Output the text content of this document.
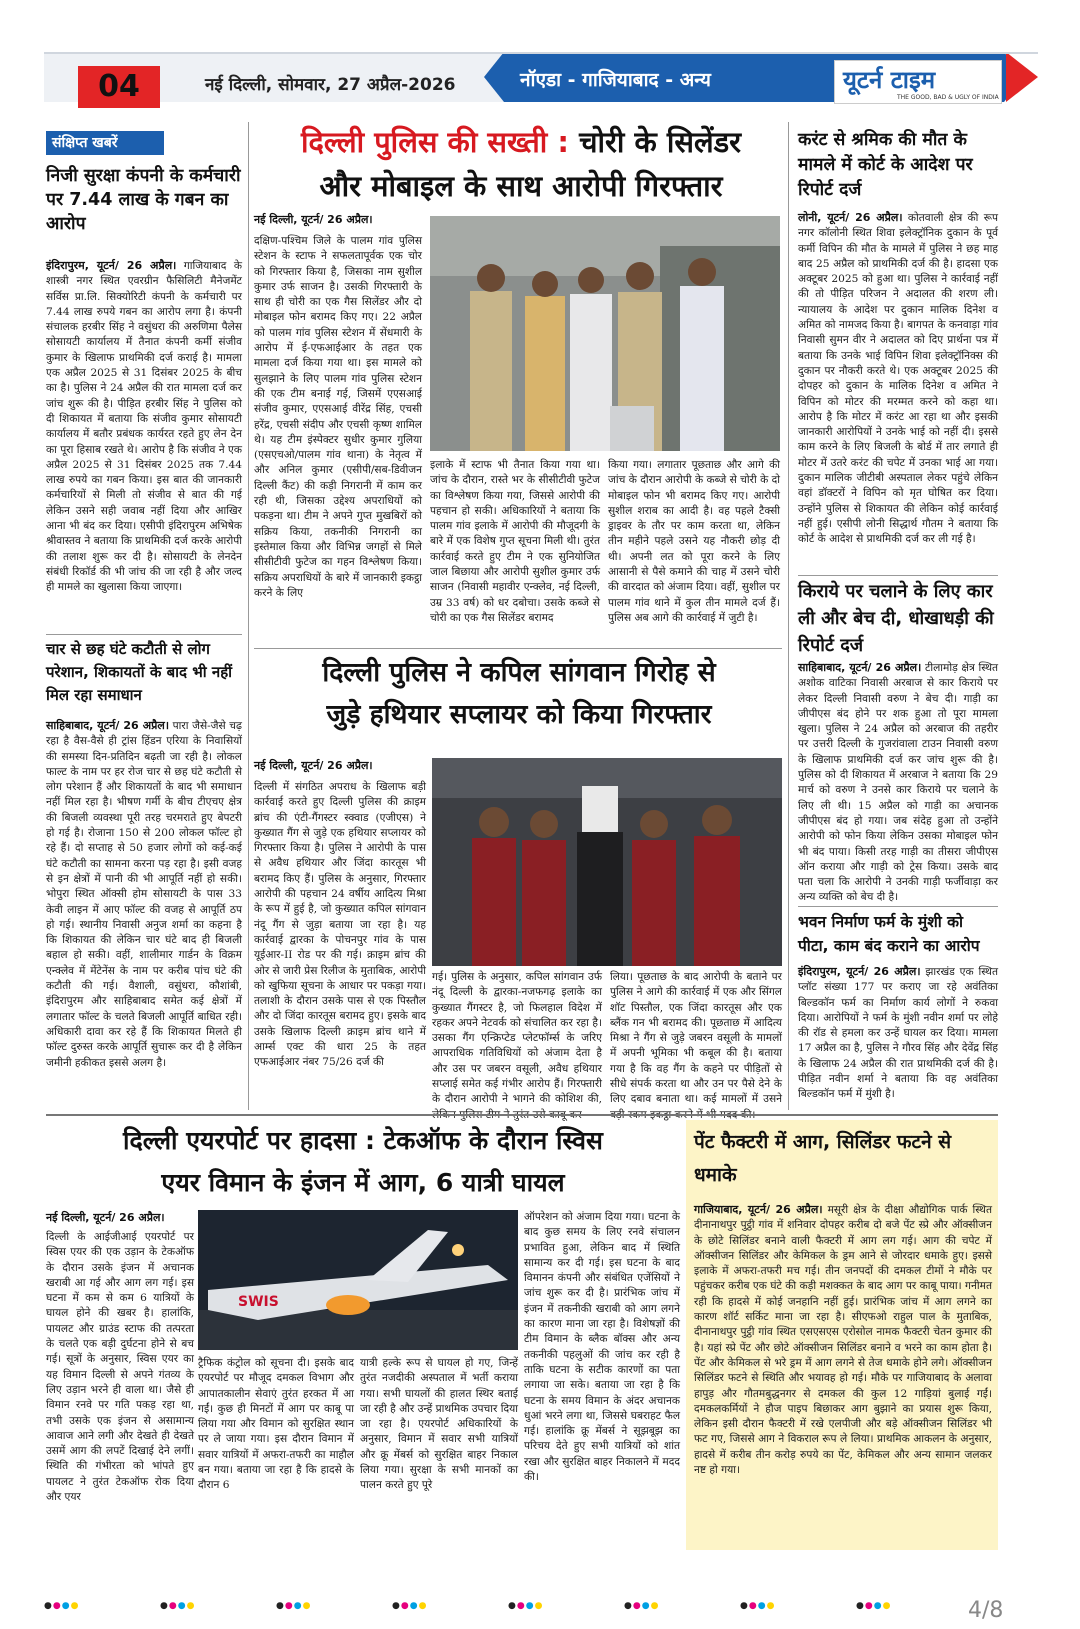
04	नई दिल्ली, सोमवार, 27 अप्रैल-2026	नॉएडा - गाजियाबाद - अन्य	यूटर्न टाइम
THE GOOD, BAD & UGLY OF INDIA
संक्षिप्त खबरें
निजी सुरक्षा कंपनी के कर्मचारी पर 7.44 लाख के गबन का आरोप
इंदिरापुरम, यूटर्न/ 26 अप्रैल। गाजियाबाद के शास्त्री नगर स्थित एवरग्रीन फैसिलिटी मैनेजमेंट सर्विस प्रा.लि. सिक्योरिटी कंपनी के कर्मचारी पर 7.44 लाख रुपये गबन का आरोप लगा है। कंपनी संचालक हरबीर सिंह ने वसुंधरा की अरुणिमा पैलेस सोसायटी कार्यालय में तैनात कंपनी कर्मी संजीव कुमार के खिलाफ प्राथमिकी दर्ज कराई है। मामला एक अप्रैल 2025 से 31 दिसंबर 2025 के बीच का है। पुलिस ने 24 अप्रैल की रात मामला दर्ज कर जांच शुरू की है। पीड़ित हरबीर सिंह ने पुलिस को दी शिकायत में बताया कि संजीव कुमार सोसायटी कार्यालय में बतौर प्रबंधक कार्यरत रहते हुए लेन देन का पूरा हिसाब रखते थे। आरोप है कि संजीव ने एक अप्रैल 2025 से 31 दिसंबर 2025 तक 7.44 लाख रुपये का गबन किया। इस बात की जानकारी कर्मचारियों से मिली तो संजीव से बात की गई लेकिन उसने सही जवाब नहीं दिया और आखिर आना भी बंद कर दिया। एसीपी इंदिरापुरम अभिषेक श्रीवास्तव ने बताया कि प्राथमिकी दर्ज करके आरोपी की तलाश शुरू कर दी है। सोसायटी के लेनदेन संबंधी रिकॉर्ड की भी जांच की जा रही है और जल्द ही मामले का खुलासा किया जाएगा।
चार से छह घंटे कटौती से लोग परेशान, शिकायतों के बाद भी नहीं मिल रहा समाधान
साहिबाबाद, यूटर्न/ 26 अप्रैल। पारा जैसे-जैसे चढ़ रहा है वैस-वैसे ही ट्रांस हिंडन एरिया के निवासियों की समस्या दिन-प्रतिदिन बढ़ती जा रही है। लोकल फाल्ट के नाम पर हर रोज चार से छह घंटे कटौती से लोग परेशान हैं और शिकायतों के बाद भी समाधान नहीं मिल रहा है। भीषण गर्मी के बीच टीएचए क्षेत्र की बिजली व्यवस्था पूरी तरह चरमराते हुए बेपटरी हो गई है। रोजाना 150 से 200 लोकल फॉल्ट हो रहे हैं। दो सप्ताह से 50 हजार लोगों को कई-कई घंटे कटौती का सामना करना पड़ रहा है। इसी वजह से इन क्षेत्रों में पानी की भी आपूर्ति नहीं हो सकी। भोपुरा स्थित ऑक्सी होम सोसायटी के पास 33 केवी लाइन में आए फॉल्ट की वजह से आपूर्ति ठप हो गई। स्थानीय निवासी अनुज शर्मा का कहना है कि शिकायत की लेकिन चार घंटे बाद ही बिजली बहाल हो सकी। वहीं, शालीमार गार्डन के विक्रम एन्क्लेव में मेंटेनेंस के नाम पर करीब पांच घंटे की कटौती की गई। वैशाली, वसुंधरा, कौशांबी, इंदिरापुरम और साहिबाबाद समेत कई क्षेत्रों में लगातार फॉल्ट के चलते बिजली आपूर्ति बाधित रही। अधिकारी दावा कर रहे हैं कि शिकायत मिलते ही फॉल्ट दुरुस्त करके आपूर्ति सुचारू कर दी है लेकिन जमीनी हकीकत इससे अलग है।
दिल्ली पुलिस की सख्ती : चोरी के सिलेंडर
और मोबाइल के साथ आरोपी गिरफ्तार
नई दिल्ली, यूटर्न/ 26 अप्रैल।
दक्षिण-पश्चिम जिले के पालम गांव पुलिस स्टेशन के स्टाफ ने सफलतापूर्वक एक चोर को गिरफ्तार किया है, जिसका नाम सुशील कुमार उर्फ साजन है। उसकी गिरफ्तारी के साथ ही चोरी का एक गैस सिलेंडर और दो मोबाइल फोन बरामद किए गए। 22 अप्रैल को पालम गांव पुलिस स्टेशन में सेंधमारी के आरोप में ई-एफआईआर के तहत एक मामला दर्ज किया गया था। इस मामले को सुलझाने के लिए पालम गांव पुलिस स्टेशन की एक टीम बनाई गई, जिसमें एएसआई संजीव कुमार, एएसआई वीरेंद्र सिंह, एचसी हरेंद्र, एचसी संदीप और एचसी कृष्ण शामिल थे। यह टीम इंस्पेक्टर सुधीर कुमार गुलिया (एसएचओ/पालम गांव थाना) के नेतृत्व में और अनिल कुमार (एसीपी/सब-डिवीजन दिल्ली कैंट) की कड़ी निगरानी में काम कर रही थी, जिसका उद्देश्य अपराधियों को पकड़ना था। टीम ने अपने गुप्त मुखबिरों को सक्रिय किया, तकनीकी निगरानी का इस्तेमाल किया और विभिन्न जगहों से मिले सीसीटीवी फुटेज का गहन विश्लेषण किया। सक्रिय अपराधियों के बारे में जानकारी इकट्ठा करने के लिए
इलाके में स्टाफ भी तैनात किया गया था। जांच के दौरान, रास्ते भर के सीसीटीवी फुटेज का विश्लेषण किया गया, जिससे आरोपी की पहचान हो सकी। अधिकारियों ने बताया कि पालम गांव इलाके में आरोपी की मौजूदगी के बारे में एक विशेष गुप्त सूचना मिली थी। तुरंत कार्रवाई करते हुए टीम ने एक सुनियोजित जाल बिछाया और आरोपी सुशील कुमार उर्फ साजन (निवासी महावीर एन्क्लेव, नई दिल्ली, उम्र 33 वर्ष) को धर दबोचा। उसके कब्जे से चोरी का एक गैस सिलेंडर बरामद
किया गया। लगातार पूछताछ और आगे की जांच के दौरान आरोपी के कब्जे से चोरी के दो मोबाइल फोन भी बरामद किए गए। आरोपी सुशील शराब का आदी है। वह पहले टैक्सी ड्राइवर के तौर पर काम करता था, लेकिन तीन महीने पहले उसने यह नौकरी छोड़ दी थी। अपनी लत को पूरा करने के लिए आसानी से पैसे कमाने की चाह में उसने चोरी की वारदात को अंजाम दिया। वहीं, सुशील पर पालम गांव थाने में कुल तीन मामले दर्ज हैं। पुलिस अब आगे की कार्रवाई में जुटी है।
दिल्ली पुलिस ने कपिल सांगवान गिरोह से
जुड़े हथियार सप्लायर को किया गिरफ्तार
नई दिल्ली, यूटर्न/ 26 अप्रैल।
दिल्ली में संगठित अपराध के खिलाफ बड़ी कार्रवाई करते हुए दिल्ली पुलिस की क्राइम ब्रांच की एंटी-गैंगस्टर स्क्वाड (एजीएस) ने कुख्यात गैंग से जुड़े एक हथियार सप्लायर को गिरफ्तार किया है। पुलिस ने आरोपी के पास से अवैध हथियार और जिंदा कारतूस भी बरामद किए हैं। पुलिस के अनुसार, गिरफ्तार आरोपी की पहचान 24 वर्षीय आदित्य मिश्रा के रूप में हुई है, जो कुख्यात कपिल सांगवान नंदू गैंग से जुड़ा बताया जा रहा है। यह कार्रवाई द्वारका के पोचनपुर गांव के पास यूईआर-II रोड पर की गई। क्राइम ब्रांच की ओर से जारी प्रेस रिलीज के मुताबिक, आरोपी को खुफिया सूचना के आधार पर पकड़ा गया। तलाशी के दौरान उसके पास से एक पिस्तौल और दो जिंदा कारतूस बरामद हुए। इसके बाद उसके खिलाफ दिल्ली क्राइम ब्रांच थाने में आर्म्स एक्ट की धारा 25 के तहत एफआईआर नंबर 75/26 दर्ज की
गई। पुलिस के अनुसार, कपिल सांगवान उर्फ नंदू दिल्ली के द्वारका-नजफगढ़ इलाके का कुख्यात गैंगस्टर है, जो फिलहाल विदेश में रहकर अपने नेटवर्क को संचालित कर रहा है। उसका गैंग एन्क्रिप्टेड प्लेटफॉर्म्स के जरिए आपराधिक गतिविधियों को अंजाम देता है और उस पर जबरन वसूली, अवैध हथियार सप्लाई समेत कई गंभीर आरोप हैं। गिरफ्तारी के दौरान आरोपी ने भागने की कोशिश की,
लिया। पूछताछ के बाद आरोपी के बताने पर पुलिस ने आगे की कार्रवाई में एक और सिंगल शॉट पिस्तौल, एक जिंदा कारतूस और एक ब्लैंक गन भी बरामद की। पूछताछ में आदित्य मिश्रा ने गैंग से जुड़े जबरन वसूली के मामलों में अपनी भूमिका भी कबूल की है। बताया गया है कि वह गैंग के कहने पर पीड़ितों से सीधे संपर्क करता था और उन पर पैसे देने के लिए दबाव बनाता था। कई मामलों में उसने
करंट से श्रमिक की मौत के मामले में कोर्ट के आदेश पर रिपोर्ट दर्ज
लोनी, यूटर्न/ 26 अप्रैल। कोतवाली क्षेत्र की रूप नगर कॉलोनी स्थित शिवा इलेक्ट्रॉनिक दुकान के पूर्व कर्मी विपिन की मौत के मामले में पुलिस ने छह माह बाद 25 अप्रैल को प्राथमिकी दर्ज की है। हादसा एक अक्टूबर 2025 को हुआ था। पुलिस ने कार्रवाई नहीं की तो पीड़ित परिजन ने अदालत की शरण ली। न्यायालय के आदेश पर दुकान मालिक दिनेश व अमित को नामजद किया है। बागपत के कनवाड़ा गांव निवासी सुमन वीर ने अदालत को दिए प्रार्थना पत्र में बताया कि उनके भाई विपिन शिवा इलेक्ट्रॉनिक्स की दुकान पर नौकरी करते थे। एक अक्टूबर 2025 की दोपहर को दुकान के मालिक दिनेश व अमित ने विपिन को मोटर की मरम्मत करने को कहा था। आरोप है कि मोटर में करंट आ रहा था और इसकी जानकारी आरोपियों ने उनके भाई को नहीं दी। इससे काम करने के लिए बिजली के बोर्ड में तार लगाते ही मोटर में उतरे करंट की चपेट में उनका भाई आ गया। दुकान मालिक जीटीबी अस्पताल लेकर पहुंचे लेकिन वहां डॉक्टरों ने विपिन को मृत घोषित कर दिया। उन्होंने पुलिस से शिकायत की लेकिन कोई कार्रवाई नहीं हुई। एसीपी लोनी सिद्धार्थ गौतम ने बताया कि कोर्ट के आदेश से प्राथमिकी दर्ज कर ली गई है।
किराये पर चलाने के लिए कार ली और बेच दी, धोखाधड़ी की रिपोर्ट दर्ज
साहिबाबाद, यूटर्न/ 26 अप्रैल। टीलामोड़ क्षेत्र स्थित अशोक वाटिका निवासी अरबाज से कार किराये पर लेकर दिल्ली निवासी वरुण ने बेच दी। गाड़ी का जीपीएस बंद होने पर शक हुआ तो पूरा मामला खुला। पुलिस ने 24 अप्रैल को अरबाज की तहरीर पर उत्तरी दिल्ली के गुजरांवाला टाउन निवासी वरुण के खिलाफ प्राथमिकी दर्ज कर जांच शुरू की है। पुलिस को दी शिकायत में अरबाज ने बताया कि 29 मार्च को वरुण ने उनसे कार किराये पर चलाने के लिए ली थी। 15 अप्रैल को गाड़ी का अचानक जीपीएस बंद हो गया। जब संदेह हुआ तो उन्होंने आरोपी को फोन किया लेकिन उसका मोबाइल फोन भी बंद पाया। किसी तरह गाड़ी का तीसरा जीपीएस ऑन कराया और गाड़ी को ट्रेस किया। उसके बाद पता चला कि आरोपी ने उनकी गाड़ी फर्जीवाड़ा कर अन्य व्यक्ति को बेच दी है।
भवन निर्माण फर्म के मुंशी को पीटा, काम बंद कराने का आरोप
इंदिरापुरम, यूटर्न/ 26 अप्रैल। झारखंड एक स्थित प्लॉट संख्या 177 पर कराए जा रहे अवंतिका बिल्डकॉन फर्म का निर्माण कार्य लोगों ने रुकवा दिया। आरोपियों ने फर्म के मुंशी नवीन शर्मा पर लोहे की रॉड से हमला कर उन्हें घायल कर दिया। मामला 17 अप्रैल का है, पुलिस ने गौरव सिंह और देवेंद्र सिंह के खिलाफ 24 अप्रैल की रात प्राथमिकी दर्ज की है। पीड़ित नवीन शर्मा ने बताया कि वह अवंतिका बिल्डकॉन फर्म में मुंशी है।
दिल्ली एयरपोर्ट पर हादसा : टेकऑफ के दौरान स्विस
एयर विमान के इंजन में आग, 6 यात्री घायल
नई दिल्ली, यूटर्न/ 26 अप्रैल।
दिल्ली के आईजीआई एयरपोर्ट पर स्विस एयर की एक उड़ान के टेकऑफ के दौरान उसके इंजन में अचानक खराबी आ गई और आग लग गई। इस घटना में कम से कम 6 यात्रियों के घायल होने की खबर है। हालांकि, पायलट और ग्राउंड स्टाफ की तत्परता के चलते एक बड़ी दुर्घटना होने से बच गई। सूत्रों के अनुसार, स्विस एयर का यह विमान दिल्ली से अपने गंतव्य के लिए उड़ान भरने ही वाला था। जैसे ही विमान रनवे पर गति पकड़ रहा था, तभी उसके एक इंजन से असामान्य आवाज आने लगी और देखते ही देखते उसमें आग की लपटें दिखाई देने लगीं। स्थिति की गंभीरता को भांपते हुए पायलट ने तुरंत टेकऑफ रोक दिया और एयर
SWIS
ट्रैफिक कंट्रोल को सूचना दी। इसके बाद एयरपोर्ट पर मौजूद दमकल विभाग और आपातकालीन सेवाएं तुरंत हरकत में आ गईं। कुछ ही मिनटों में आग पर काबू पा लिया गया और विमान को सुरक्षित स्थान पर ले जाया गया। इस दौरान विमान में सवार यात्रियों में अफरा-तफरी का माहौल बन गया। बताया जा रहा है कि हादसे के दौरान 6
यात्री हल्के रूप से घायल हो गए, जिन्हें तुरंत नजदीकी अस्पताल में भर्ती कराया गया। सभी घायलों की हालत स्थिर बताई जा रही है और उन्हें प्राथमिक उपचार दिया जा रहा है। एयरपोर्ट अधिकारियों के अनुसार, विमान में सवार सभी यात्रियों और क्रू मेंबर्स को सुरक्षित बाहर निकाल लिया गया। सुरक्षा के सभी मानकों का पालन करते हुए पूरे
ऑपरेशन को अंजाम दिया गया। घटना के बाद कुछ समय के लिए रनवे संचालन प्रभावित हुआ, लेकिन बाद में स्थिति सामान्य कर दी गई। इस घटना के बाद विमानन कंपनी और संबंधित एजेंसियों ने जांच शुरू कर दी है। प्रारंभिक जांच में इंजन में तकनीकी खराबी को आग लगने का कारण माना जा रहा है। विशेषज्ञों की टीम विमान के ब्लैक बॉक्स और अन्य तकनीकी पहलुओं की जांच कर रही है ताकि घटना के सटीक कारणों का पता लगाया जा सके। बताया जा रहा है कि घटना के समय विमान के अंदर अचानक धुआं भरने लगा था, जिससे घबराहट फैल गई। हालांकि क्रू मेंबर्स ने सूझबूझ का परिचय देते हुए सभी यात्रियों को शांत रखा और सुरक्षित बाहर निकालने में मदद की।
पेंट फैक्टरी में आग, सिलिंडर फटने से धमाके
गाजियाबाद, यूटर्न/ 26 अप्रैल। मसूरी क्षेत्र के दीक्षा औद्योगिक पार्क स्थित दीनानाथपुर पुट्ठी गांव में शनिवार दोपहर करीब दो बजे पेंट स्प्रे और ऑक्सीजन के छोटे सिलिंडर बनाने वाली फैक्टरी में आग लग गई। आग की चपेट में ऑक्सीजन सिलिंडर और केमिकल के ड्रम आने से जोरदार धमाके हुए। इससे इलाके में अफरा-तफरी मच गई। तीन जनपदों की दमकल टीमों ने मौके पर पहुंचकर करीब एक घंटे की कड़ी मशक्कत के बाद आग पर काबू पाया। गनीमत रही कि हादसे में कोई जनहानि नहीं हुई। प्रारंभिक जांच में आग लगने का कारण शॉर्ट सर्किट माना जा रहा है। सीएफओ राहुल पाल के मुताबिक, दीनानाथपुर पुट्ठी गांव स्थित एसएसएस एरोसोल नामक फैक्टरी चेतन कुमार की है। यहां स्प्रे पेंट और छोटे ऑक्सीजन सिलिंडर बनाने व भरने का काम होता है। पेंट और केमिकल से भरे ड्रम में आग लगने से तेज धमाके होने लगे। ऑक्सीजन सिलिंडर फटने से स्थिति और भयावह हो गई। मौके पर गाजियाबाद के अलावा हापुड़ और गौतमबुद्धनगर से दमकल की कुल 12 गाड़ियां बुलाई गईं। दमकलकर्मियों ने हौज पाइप बिछाकर आग बुझाने का प्रयास शुरू किया, लेकिन इसी दौरान फैक्टरी में रखे एलपीजी और बड़े ऑक्सीजन सिलिंडर भी फट गए, जिससे आग ने विकराल रूप ले लिया। प्राथमिक आकलन के अनुसार, हादसे में करीब तीन करोड़ रुपये का पेंट, केमिकल और अन्य सामान जलकर नष्ट हो गया।
●●●●	●●●●	●●●●	●●●●	●●●●	●●●●	●●●●	●●●●	4/8
